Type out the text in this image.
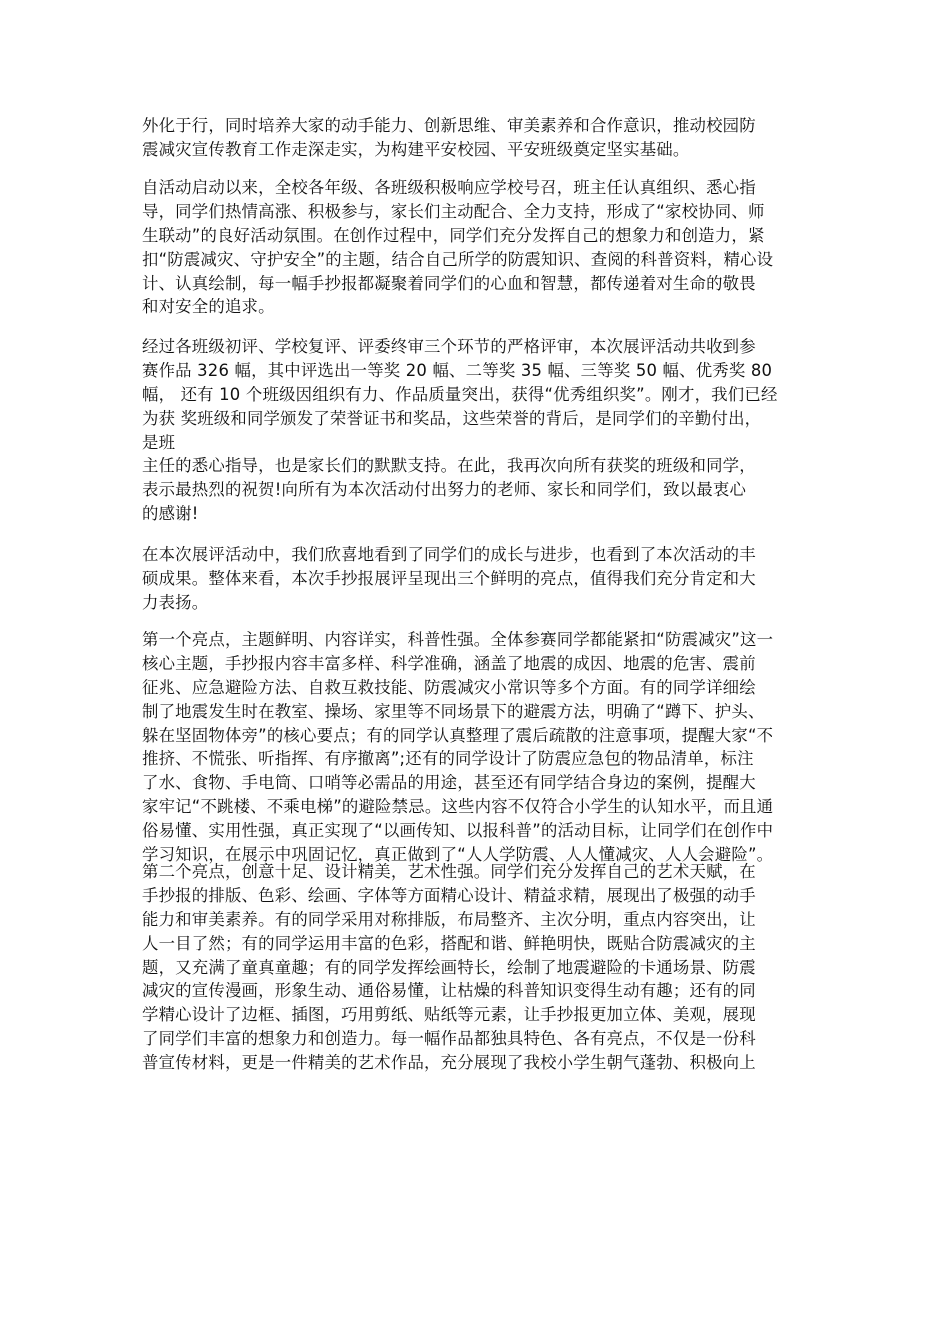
外化于行，同时培养大家的动手能力、创新思维、审美素养和合作意识，推动校园防
震减灾宣传教育工作走深走实，为构建平安校园、平安班级奠定坚实基础。
自活动启动以来，全校各年级、各班级积极响应学校号召，班主任认真组织、悉心指
导，同学们热情高涨、积极参与，家长们主动配合、全力支持，形成了“家校协同、师
生联动”的良好活动氛围。在创作过程中，同学们充分发挥自己的想象力和创造力，紧
扣“防震减灾、守护安全”的主题，结合自己所学的防震知识、查阅的科普资料，精心设
计、认真绘制，每一幅手抄报都凝聚着同学们的心血和智慧，都传递着对生命的敬畏
和对安全的追求。
经过各班级初评、学校复评、评委终审三个环节的严格评审，本次展评活动共收到参
赛作品 326 幅，其中评选出一等奖 20 幅、二等奖 35 幅、三等奖 50 幅、优秀奖 80
幅， 还有 10 个班级因组织有力、作品质量突出，获得“优秀组织奖”。刚才，我们已经
为获 奖班级和同学颁发了荣誉证书和奖品，这些荣誉的背后，是同学们的辛勤付出，
是班
主任的悉心指导，也是家长们的默默支持。在此，我再次向所有获奖的班级和同学，
表示最热烈的祝贺!向所有为本次活动付出努力的老师、家长和同学们，致以最衷心
的感谢!
在本次展评活动中，我们欣喜地看到了同学们的成长与进步，也看到了本次活动的丰
硕成果。整体来看，本次手抄报展评呈现出三个鲜明的亮点，值得我们充分肯定和大
力表扬。
第一个亮点，主题鲜明、内容详实，科普性强。全体参赛同学都能紧扣“防震减灾”这一
核心主题，手抄报内容丰富多样、科学准确，涵盖了地震的成因、地震的危害、震前
征兆、应急避险方法、自救互救技能、防震减灾小常识等多个方面。有的同学详细绘
制了地震发生时在教室、操场、家里等不同场景下的避震方法，明确了“蹲下、护头、
躲在坚固物体旁”的核心要点；有的同学认真整理了震后疏散的注意事项，提醒大家“不
推挤、不慌张、听指挥、有序撤离”;还有的同学设计了防震应急包的物品清单，标注
了水、食物、手电筒、口哨等必需品的用途，甚至还有同学结合身边的案例，提醒大
家牢记“不跳楼、不乘电梯”的避险禁忌。这些内容不仅符合小学生的认知水平，而且通
俗易懂、实用性强，真正实现了“以画传知、以报科普”的活动目标，让同学们在创作中
学习知识，在展示中巩固记忆，真正做到了“人人学防震、人人懂减灾、人人会避险”。
第二个亮点，创意十足、设计精美，艺术性强。同学们充分发挥自己的艺术天赋，在
手抄报的排版、色彩、绘画、字体等方面精心设计、精益求精，展现出了极强的动手
能力和审美素养。有的同学采用对称排版，布局整齐、主次分明，重点内容突出，让
人一目了然；有的同学运用丰富的色彩，搭配和谐、鲜艳明快，既贴合防震减灾的主
题，又充满了童真童趣；有的同学发挥绘画特长，绘制了地震避险的卡通场景、防震
减灾的宣传漫画，形象生动、通俗易懂，让枯燥的科普知识变得生动有趣；还有的同
学精心设计了边框、插图，巧用剪纸、贴纸等元素，让手抄报更加立体、美观，展现
了同学们丰富的想象力和创造力。每一幅作品都独具特色、各有亮点，不仅是一份科
普宣传材料，更是一件精美的艺术作品，充分展现了我校小学生朝气蓬勃、积极向上
